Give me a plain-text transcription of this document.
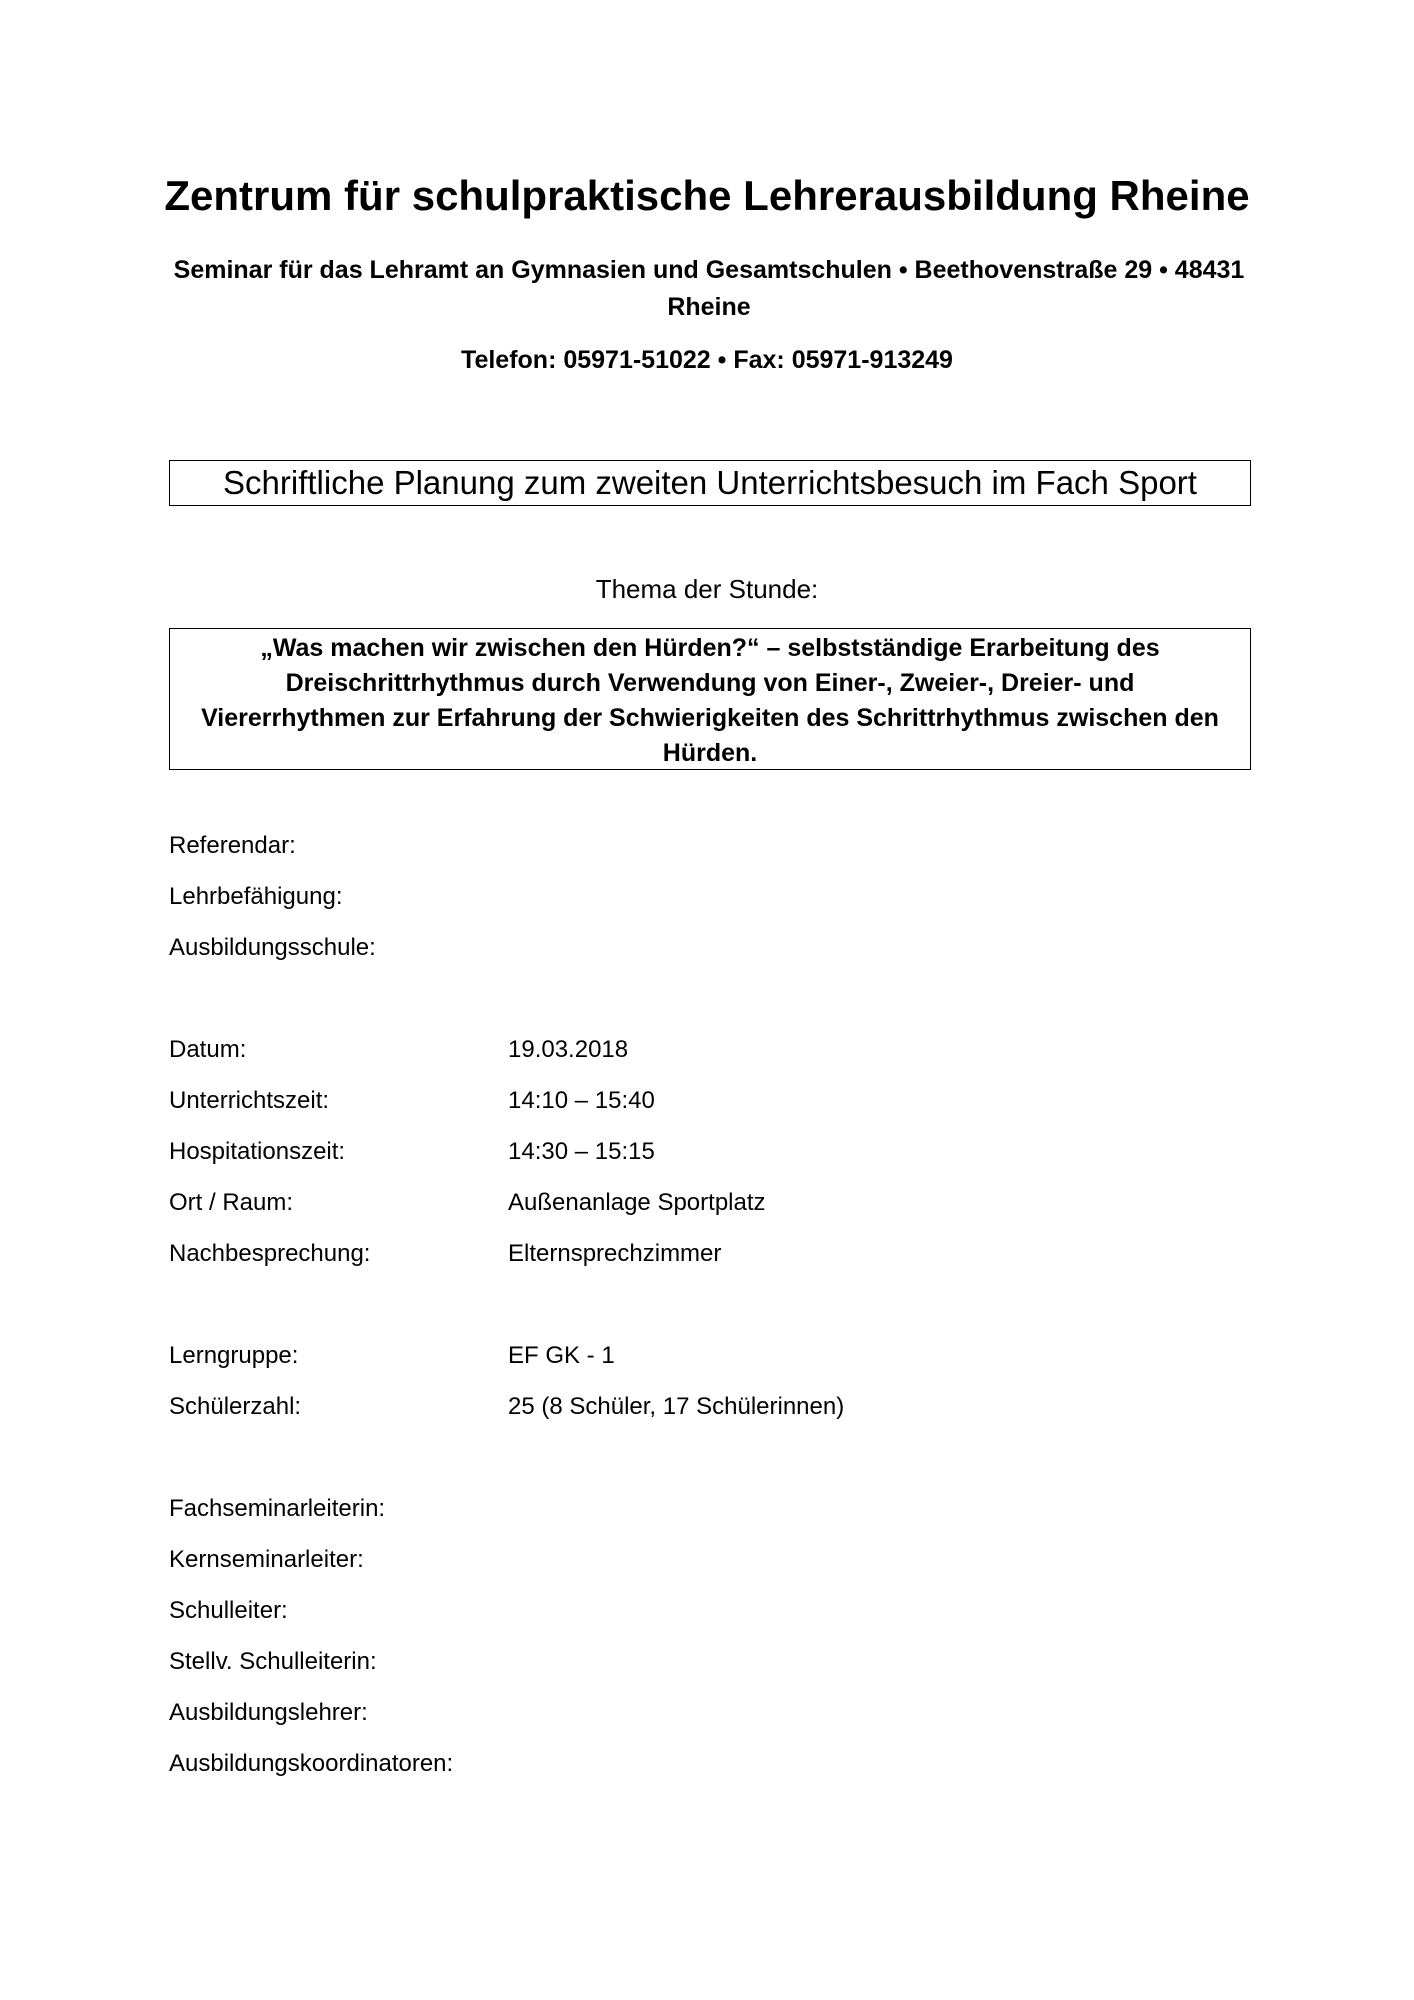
Zentrum für schulpraktische Lehrerausbildung Rheine
Seminar für das Lehramt an Gymnasien und Gesamtschulen • Beethovenstraße 29 • 48431 Rheine
Telefon: 05971-51022 • Fax: 05971-913249
Schriftliche Planung zum zweiten Unterrichtsbesuch im Fach Sport
Thema der Stunde:
„Was machen wir zwischen den Hürden?“ – selbstständige Erarbeitung des Dreischrittrhythmus durch Verwendung von Einer-, Zweier-, Dreier- und Viererrhythmen zur Erfahrung der Schwierigkeiten des Schrittrhythmus zwischen den Hürden.
Referendar:
Lehrbefähigung:
Ausbildungsschule:
Datum:	19.03.2018
Unterrichtszeit:	14:10 – 15:40
Hospitationszeit:	14:30 – 15:15
Ort / Raum:	Außenanlage Sportplatz
Nachbesprechung:	Elternsprechzimmer
Lerngruppe:	EF GK - 1
Schülerzahl:	25 (8 Schüler, 17 Schülerinnen)
Fachseminarleiterin:
Kernseminarleiter:
Schulleiter:
Stellv. Schulleiterin:
Ausbildungslehrer:
Ausbildungskoordinatoren:
